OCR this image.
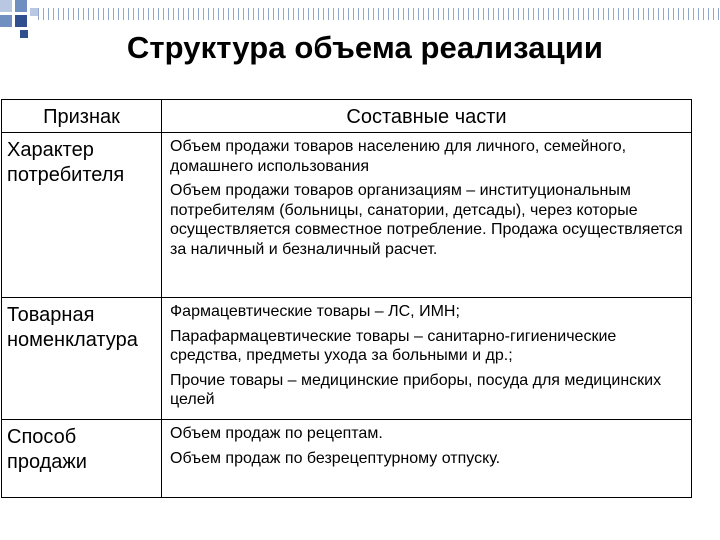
Структура объема реализации
Признак	Составные части
Характер потребителя	Объем продажи товаров населению для личного, семейного, домашнего использования
Объем продажи товаров организациям – институциональным потребителям (больницы, санатории, детсады), через которые осуществляется совместное потребление. Продажа осуществляется за наличный и безналичный расчет.

Товарная номенклатура	Фармацевтические товары – ЛС, ИМН;
Парафармацевтические товары – санитарно-гигиенические средства, предметы ухода за больными и др.;
Прочие товары – медицинские приборы, посуда для медицинских целей

Способ продажи	Объем продаж по рецептам.
Объем продаж по безрецептурному отпуску.
